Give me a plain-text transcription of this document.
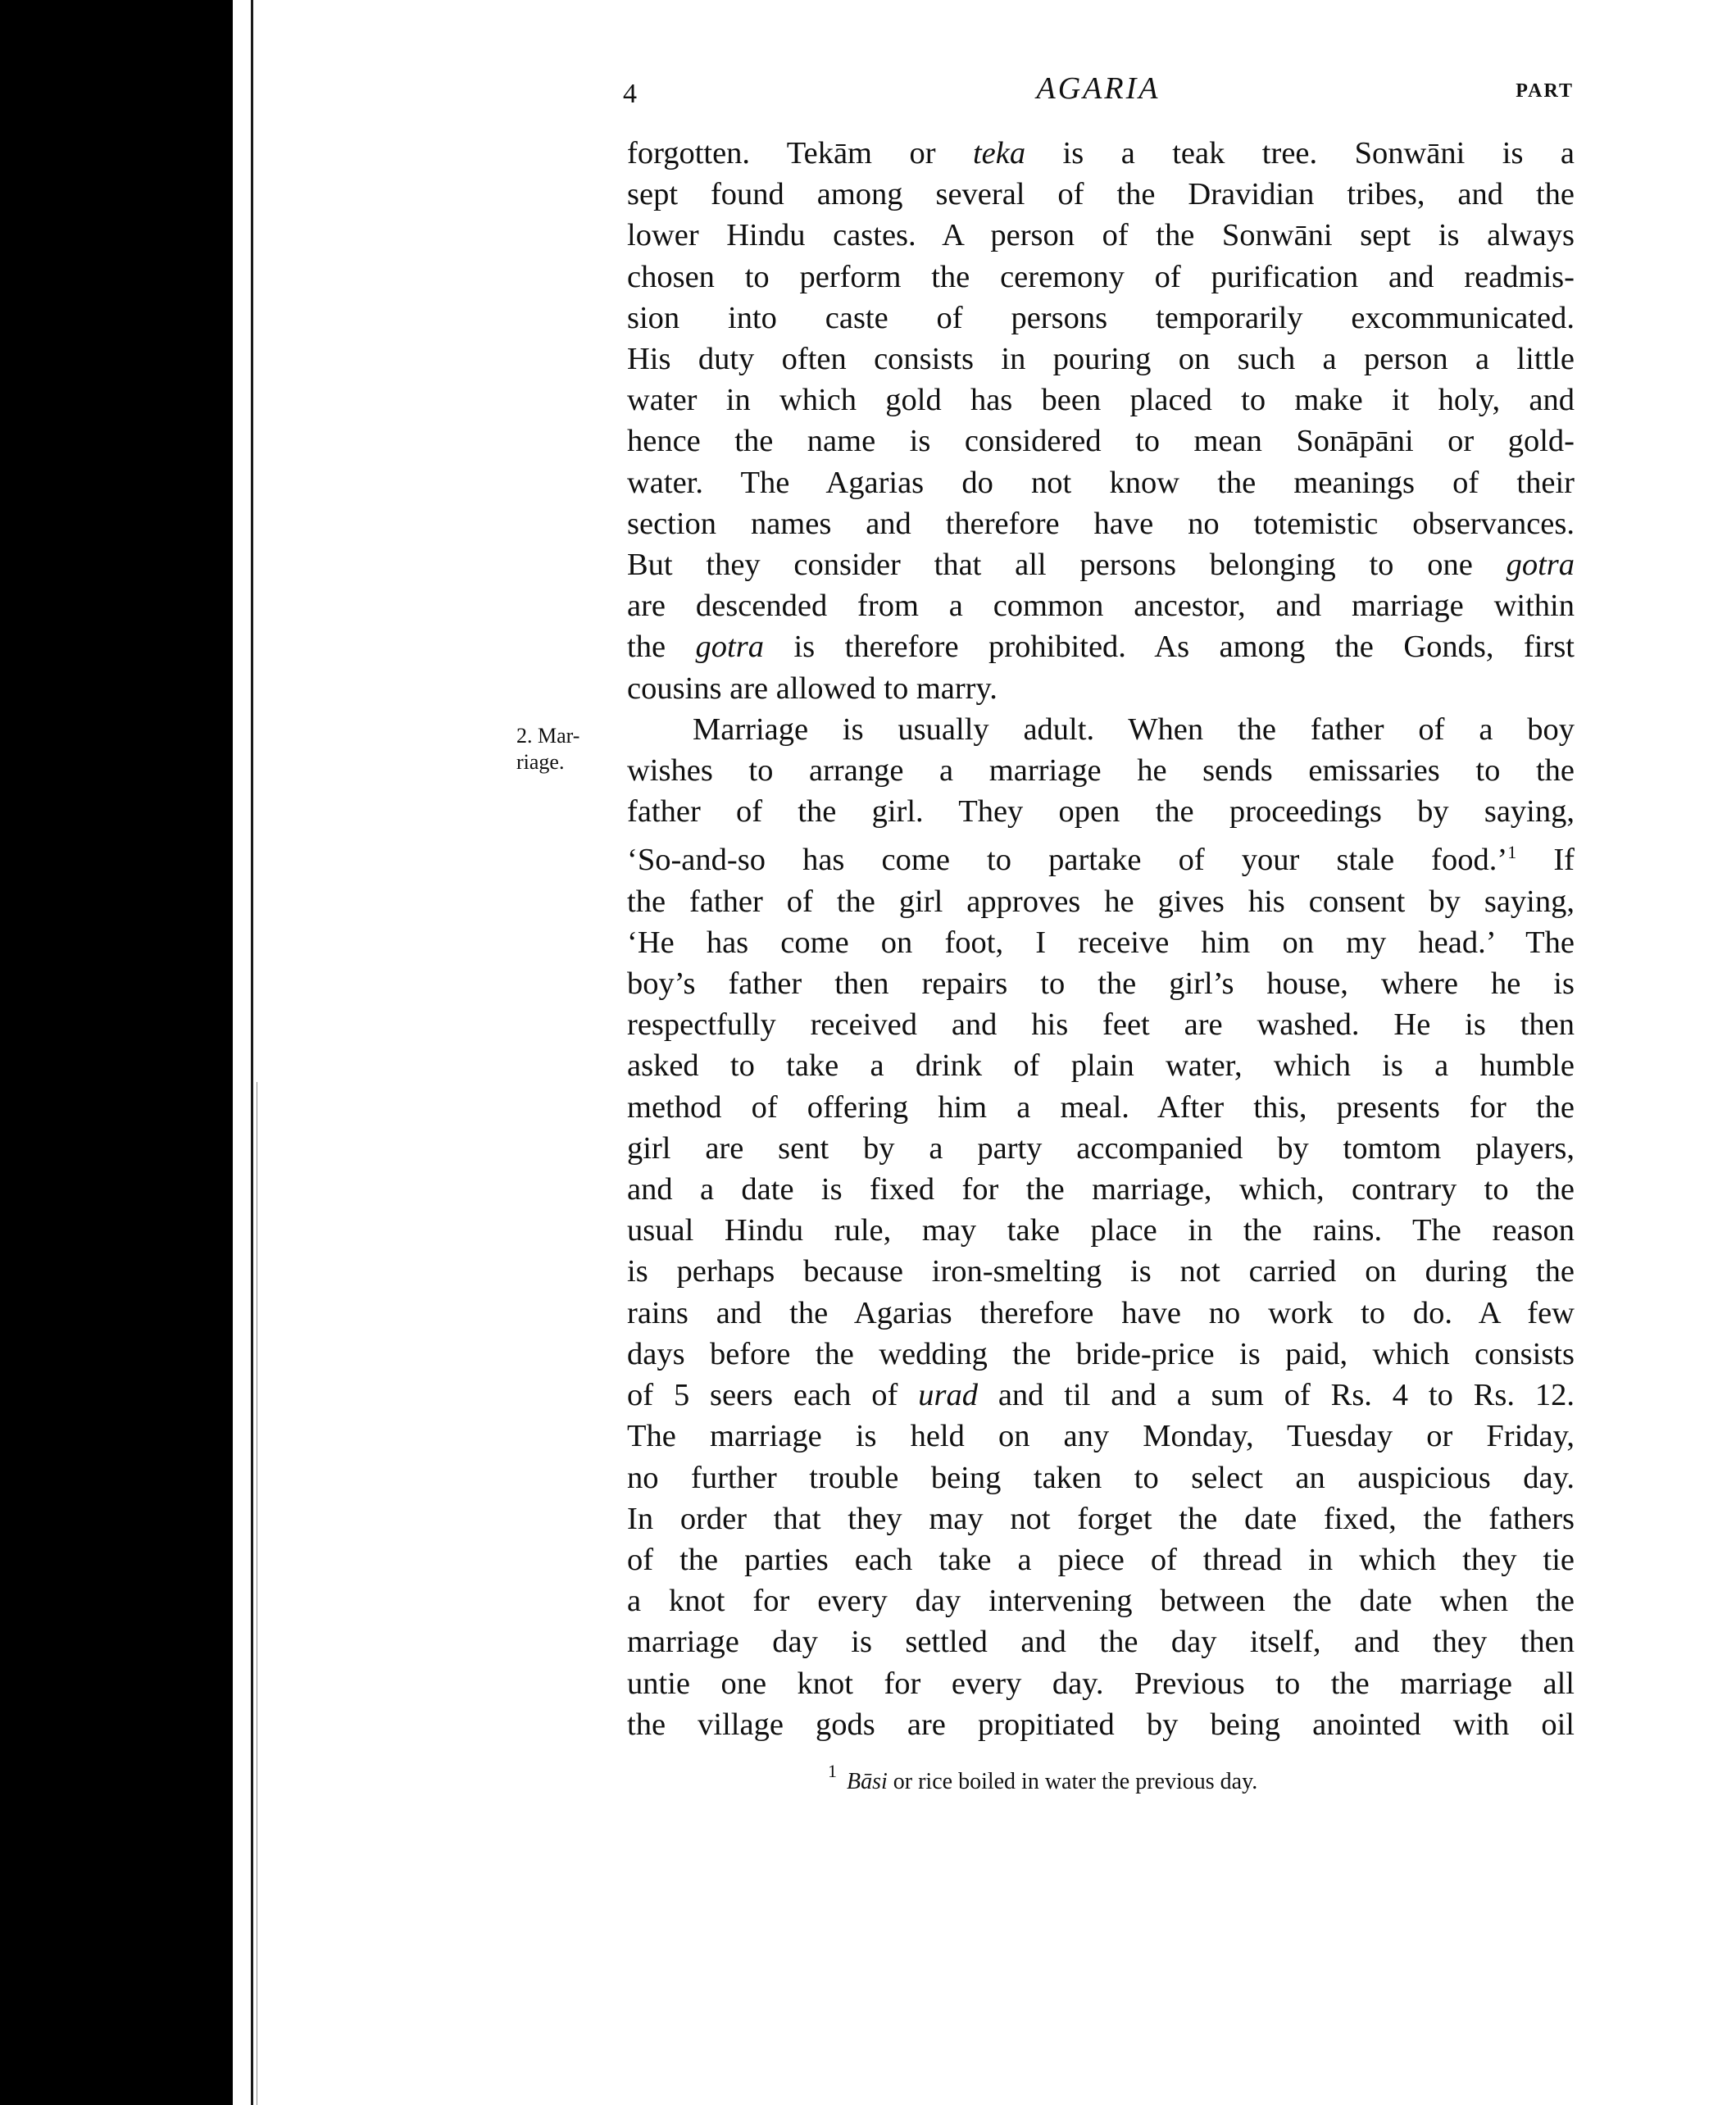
4	AGARIA	PART
2. Mar-
riage.
forgotten. Tekām or teka is a teak tree. Sonwāni is a
sept found among several of the Dravidian tribes, and the
lower Hindu castes. A person of the Sonwāni sept is always
chosen to perform the ceremony of purification and readmis-
sion into caste of persons temporarily excommunicated.
His duty often consists in pouring on such a person a little
water in which gold has been placed to make it holy, and
hence the name is considered to mean Sonāpāni or gold-
water. The Agarias do not know the meanings of their
section names and therefore have no totemistic observances.
But they consider that all persons belonging to one gotra
are descended from a common ancestor, and marriage within
the gotra is therefore prohibited. As among the Gonds, first
cousins are allowed to marry.
Marriage is usually adult. When the father of a boy
wishes to arrange a marriage he sends emissaries to the
father of the girl. They open the proceedings by saying,
‘So-and-so has come to partake of your stale food.’$^1$ If
the father of the girl approves he gives his consent by saying,
‘He has come on foot, I receive him on my head.’ The
boy’s father then repairs to the girl’s house, where he is
respectfully received and his feet are washed. He is then
asked to take a drink of plain water, which is a humble
method of offering him a meal. After this, presents for the
girl are sent by a party accompanied by tomtom players,
and a date is fixed for the marriage, which, contrary to the
usual Hindu rule, may take place in the rains. The reason
is perhaps because iron-smelting is not carried on during the
rains and the Agarias therefore have no work to do. A few
days before the wedding the bride-price is paid, which consists
of 5 seers each of urad and til and a sum of Rs. 4 to Rs. 12.
The marriage is held on any Monday, Tuesday or Friday,
no further trouble being taken to select an auspicious day.
In order that they may not forget the date fixed, the fathers
of the parties each take a piece of thread in which they tie
a knot for every day intervening between the date when the
marriage day is settled and the day itself, and they then
untie one knot for every day. Previous to the marriage all
the village gods are propitiated by being anointed with oil
$^1$ Bāsi or rice boiled in water the previous day.
